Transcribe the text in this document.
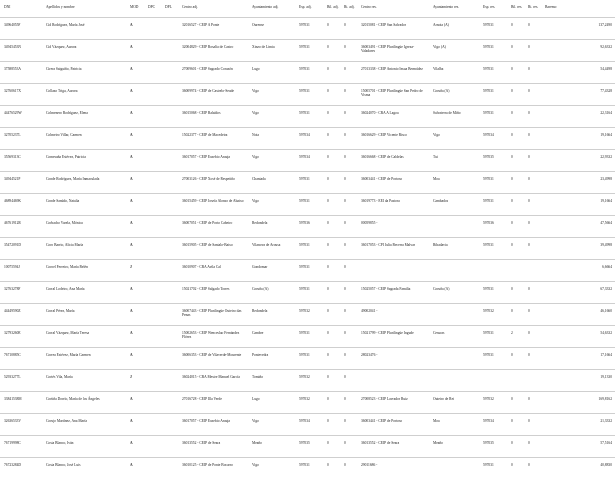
DNI	Apellidos y nombre	MOD	DPC	DPL	Centro adj.	Ayuntamiento adj.	Esp. adj.	Bil. adj.	Ri. adj.	Centro res.	Ayuntamiento res.	Esp. res.	Bil. res.	Ri. res.	Baremo
34964055F	Cid Rodríguez, María José	A			32016527 - CEIP A Ponte	Ourense	597031	0	0	32015081 - CEIP San Salvador	Arnoia (A)	597031	0	0	137,2490
34945453N	Cid Vázquez, Aurora	A			32004829 - CEIP Rosalía de Castro	Xinzo de Limia	597031	0	0	36003491 - CEIP Plurilingüe Igrexa-Valadares	Vigo (A)	597031	0	0	92,6332
37588553A	Cirera Saiguiño, Patricia	A			27009601 - CEIP Sagrado Corazón	Lugo	597031	0	0	27013338 - CEIP Antonio Insua Bermúdez	Vilalba	597031	0	0	54,4498
32760617X	Collazo Triga, Aurora	A			36009974 - CEIP de Castrelo-Seade	Vigo	597031	0	0	15005701 - CEIP Plurilingüe San Pedro de Visma	Coruña (A)	597031	0	0	77,4328
44476529W	Colmenero Rodríguez, Elena	A			36015068 - CEIP Balaídos	Vigo	597031	0	0	36024070 - CRA A Lagoa	Salvaterra de Miño	597031	0	0	22,3164
32705237L	Colmeiro Villar, Carmen	A			15022377 - CEIP de Macedeira	Noia	597034	0	0	36016629 - CEIP Vicente Risco	Vigo	597034	0	0	19,1664
35569313C	Comesaña Estévez, Patricia	A			36017057 - CEIP Eusebio Arauja	Vigo	597034	0	0	36016668 - CEIP de Caldelas	Tui	597035	0	0	22,9332
34944521P	Conde Rodríguez, María Inmaculada	A			27003126 - CEIP Xosé de Respetiño	Chantada	597031	0	0	36003441 - CEIP de Portoso	Moa	597031	0	0	23,4998
46894469K	Conde Sanúdo, Natalia	A			36015459 - CEIP Josefa Alonso de Abaixo	Vigo	597031	0	0	36019773 - EEI da Pastora	Cambados	597031	0	0	19,1664
46761912R	Corbacho Varela, Mónica	A			36007051 - CEIP de Porto Cabeiro	Redondela	597036	0	0	00059855 -		597036	0	0	47,5664
35472091D	Coro Barrio, Alicia María	A			36015905 - CEIP de Santalo-Baixo	Vilanova de Arousa	597031	0	0	36017053 - CPI Julia Becerra Malvar	Ribadavia	597031	0	0	39,4998
10075594J	Coroel Ferreiro, María Belén	J			36010907 - CRA Avila Cal	Gondomar	597031	0	0						6,6664
32763278F	Corral Lodeiro, Ana María	A			15021702 - CEIP Salgado Torres	Coruña (A)	597031	0	0	15025057 - CEIP Sagrada Familia	Coruña (A)	597031	0	0	67,3332
44449590Z	Corral Pérez, María	A			36007443 - CEIP Plurilingüe Outeiro das Penas	Redondela	597032	0	0	49002041 -		597032	0	0	46,1660
32793260E	Corral Vázquez, María Teresa	A			15002653 - CEIP Wenceslao Fernández Flórez	Cambre	597031	0	0	15021799 - CEIP Plurilingüe Ingude	Cesuras	597031	2	0	54,6332
76710885C	Correa Estévez, María Carmen	A			36006353 - CEIP de Vilaverde-Mourente	Pontevedra	597031	0	0	28023476 -		597031	0	0	17,1664
52933277L	Cortés Vila, María	J			36024015 - CRA Mestre Manuel García	Tomiño	597032	0	0						19,1330
33841538M	Cortiña Dorrío, María de los Ángeles	A			27016728 - CEIP Illa Verde	Lugo	597032	0	0	27008523 - CEIP Lavrador Ruiz	Outeiro de Rei	597032	0	0	169,8162
32636533V	Corujo Martínez, Ana María	A			36017057 - CEIP Eusebio Arauja	Vigo	597034	0	0	36003441 - CEIP de Portoso	Moa	597034	0	0	21,3332
76719998C	Costa Blanco, Iván	A			36013552 - CEIP de Seara	Meaño	597035	0	0	36013552 - CEIP de Seara	Meaño	597035	0	0	57,5164
76723284D	Costa Blanco, José Luis	A			36010125 - CEIP de Ponte Bocarro	Vigo	597031	0	0	29011686 -		597031	0	0	40,8830
